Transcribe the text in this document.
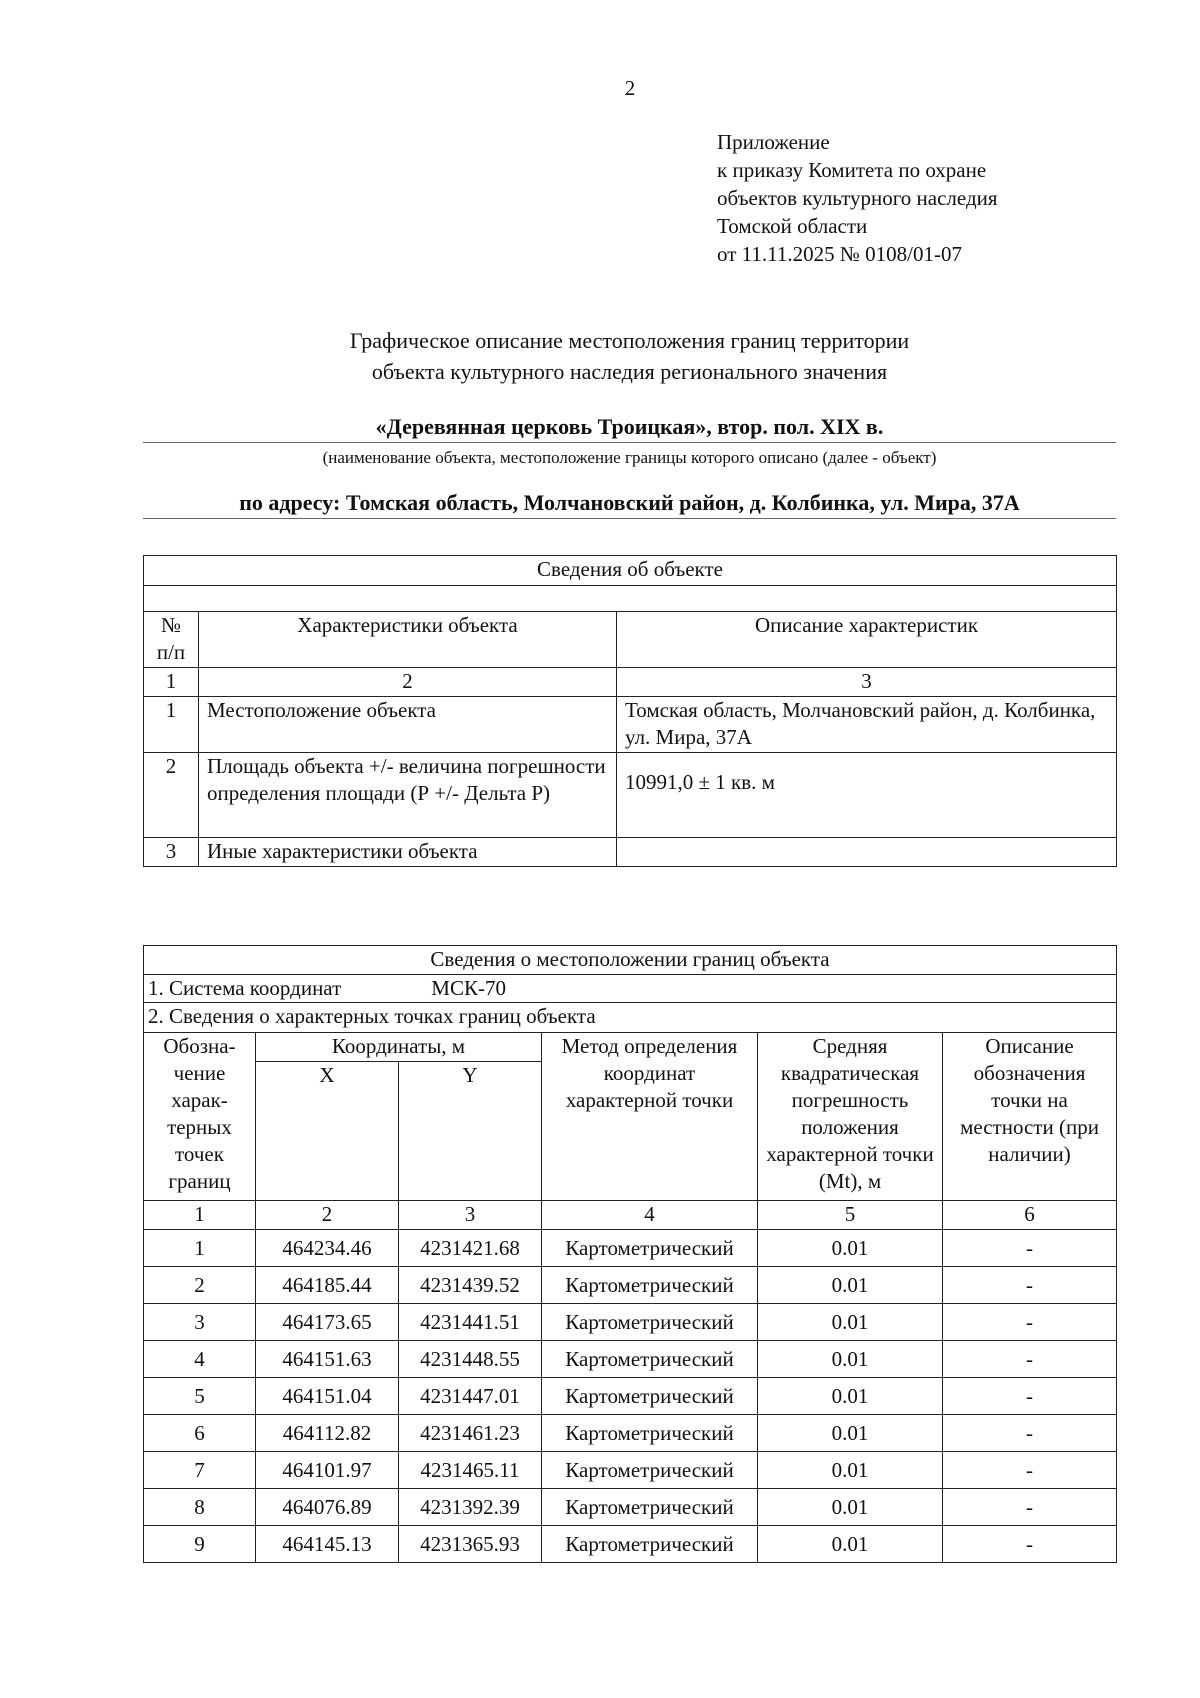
2
Приложение
к приказу Комитета по охране
объектов культурного наследия
Томской области
от 11.11.2025 № 0108/01-07
Графическое описание местоположения границ территории
объекта культурного наследия регионального значения
«Деревянная церковь Троицкая», втор. пол. XIX в.
(наименование объекта, местоположение границы которого описано (далее - объект)
по адресу: Томская область, Молчановский район, д. Колбинка, ул. Мира, 37А
Сведения об объекте		

№ п/п	Характеристики объекта	Описание характеристик
1	2	3
1	Местоположение объекта	Томская область, Молчановский район, д. Колбинка, ул. Мира, 37А
2	Площадь объекта +/- величина погрешности определения площади (Р +/- Дельта Р)	10991,0 ± 1 кв. м
3	Иные характеристики объекта	
Сведения о местоположении границ объекта					
1. Система координат МСК-70					
2. Сведения о характерных точках границ объекта					
Обозна-чение харак-терных точек границ	Координаты, м		Метод определения координат характерной точки	Средняя квадратическая погрешность положения характерной точки (Mt), м	Описание обозначения точки на местности (при наличии)
	X	Y			
1	2	3	4	5	6
1	464234.46	4231421.68	Картометрический	0.01	-
2	464185.44	4231439.52	Картометрический	0.01	-
3	464173.65	4231441.51	Картометрический	0.01	-
4	464151.63	4231448.55	Картометрический	0.01	-
5	464151.04	4231447.01	Картометрический	0.01	-
6	464112.82	4231461.23	Картометрический	0.01	-
7	464101.97	4231465.11	Картометрический	0.01	-
8	464076.89	4231392.39	Картометрический	0.01	-
9	464145.13	4231365.93	Картометрический	0.01	-
